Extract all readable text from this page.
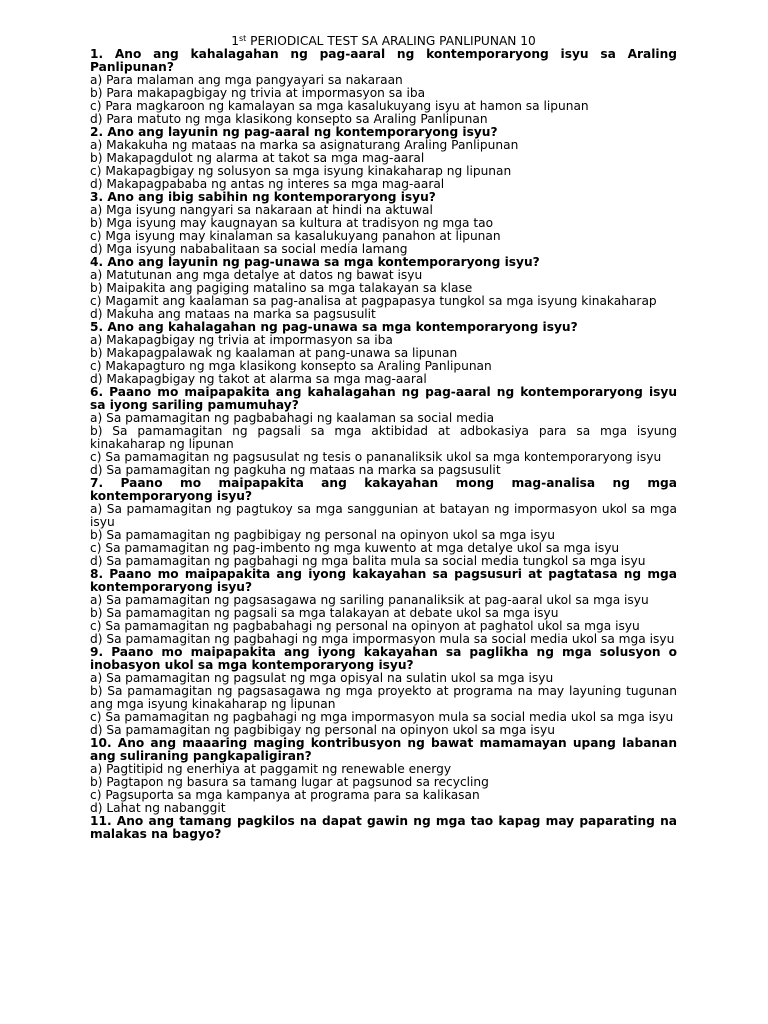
1st PERIODICAL TEST SA ARALING PANLIPUNAN 10
1. Ano ang kahalagahan ng pag-aaral ng kontemporaryong isyu sa Araling Panlipunan?
a) Para malaman ang mga pangyayari sa nakaraan
b) Para makapagbigay ng trivia at impormasyon sa iba
c) Para magkaroon ng kamalayan sa mga kasalukuyang isyu at hamon sa lipunan
d) Para matuto ng mga klasikong konsepto sa Araling Panlipunan
2. Ano ang layunin ng pag-aaral ng kontemporaryong isyu?
a) Makakuha ng mataas na marka sa asignaturang Araling Panlipunan
b) Makapagdulot ng alarma at takot sa mga mag-aaral
c) Makapagbigay ng solusyon sa mga isyung kinakaharap ng lipunan
d) Makapagpababa ng antas ng interes sa mga mag-aaral
3. Ano ang ibig sabihin ng kontemporaryong isyu?
a) Mga isyung nangyari sa nakaraan at hindi na aktuwal
b) Mga isyung may kaugnayan sa kultura at tradisyon ng mga tao
c) Mga isyung may kinalaman sa kasalukuyang panahon at lipunan
d) Mga isyung nababalitaan sa social media lamang
4. Ano ang layunin ng pag-unawa sa mga kontemporaryong isyu?
a) Matutunan ang mga detalye at datos ng bawat isyu
b) Maipakita ang pagiging matalino sa mga talakayan sa klase
c) Magamit ang kaalaman sa pag-analisa at pagpapasya tungkol sa mga isyung kinakaharap
d) Makuha ang mataas na marka sa pagsusulit
5. Ano ang kahalagahan ng pag-unawa sa mga kontemporaryong isyu?
a) Makapagbigay ng trivia at impormasyon sa iba
b) Makapagpalawak ng kaalaman at pang-unawa sa lipunan
c) Makapagturo ng mga klasikong konsepto sa Araling Panlipunan
d) Makapagbigay ng takot at alarma sa mga mag-aaral
6. Paano mo maipapakita ang kahalagahan ng pag-aaral ng kontemporaryong isyu sa iyong sariling pamumuhay?
a) Sa pamamagitan ng pagbabahagi ng kaalaman sa social media
b) Sa pamamagitan ng pagsali sa mga aktibidad at adbokasiya para sa mga isyung kinakaharap ng lipunan
c) Sa pamamagitan ng pagsusulat ng tesis o pananaliksik ukol sa mga kontemporaryong isyu
d) Sa pamamagitan ng pagkuha ng mataas na marka sa pagsusulit
7. Paano mo maipapakita ang kakayahan mong mag-analisa ng mga kontemporaryong isyu?
a) Sa pamamagitan ng pagtukoy sa mga sanggunian at batayan ng impormasyon ukol sa mga isyu
b) Sa pamamagitan ng pagbibigay ng personal na opinyon ukol sa mga isyu
c) Sa pamamagitan ng pag-imbento ng mga kuwento at mga detalye ukol sa mga isyu
d) Sa pamamagitan ng pagbahagi ng mga balita mula sa social media tungkol sa mga isyu
8. Paano mo maipapakita ang iyong kakayahan sa pagsusuri at pagtatasa ng mga kontemporaryong isyu?
a) Sa pamamagitan ng pagsasagawa ng sariling pananaliksik at pag-aaral ukol sa mga isyu
b) Sa pamamagitan ng pagsali sa mga talakayan at debate ukol sa mga isyu
c) Sa pamamagitan ng pagbabahagi ng personal na opinyon at paghatol ukol sa mga isyu
d) Sa pamamagitan ng pagbahagi ng mga impormasyon mula sa social media ukol sa mga isyu
9. Paano mo maipapakita ang iyong kakayahan sa paglikha ng mga solusyon o inobasyon ukol sa mga kontemporaryong isyu?
a) Sa pamamagitan ng pagsulat ng mga opisyal na sulatin ukol sa mga isyu
b) Sa pamamagitan ng pagsasagawa ng mga proyekto at programa na may layuning tugunan ang mga isyung kinakaharap ng lipunan
c) Sa pamamagitan ng pagbahagi ng mga impormasyon mula sa social media ukol sa mga isyu
d) Sa pamamagitan ng pagbibigay ng personal na opinyon ukol sa mga isyu
10. Ano ang maaaring maging kontribusyon ng bawat mamamayan upang labanan ang suliraning pangkapaligiran?
a) Pagtitipid ng enerhiya at paggamit ng renewable energy
b) Pagtapon ng basura sa tamang lugar at pagsunod sa recycling
c) Pagsuporta sa mga kampanya at programa para sa kalikasan
d) Lahat ng nabanggit
11. Ano ang tamang pagkilos na dapat gawin ng mga tao kapag may paparating na malakas na bagyo?
